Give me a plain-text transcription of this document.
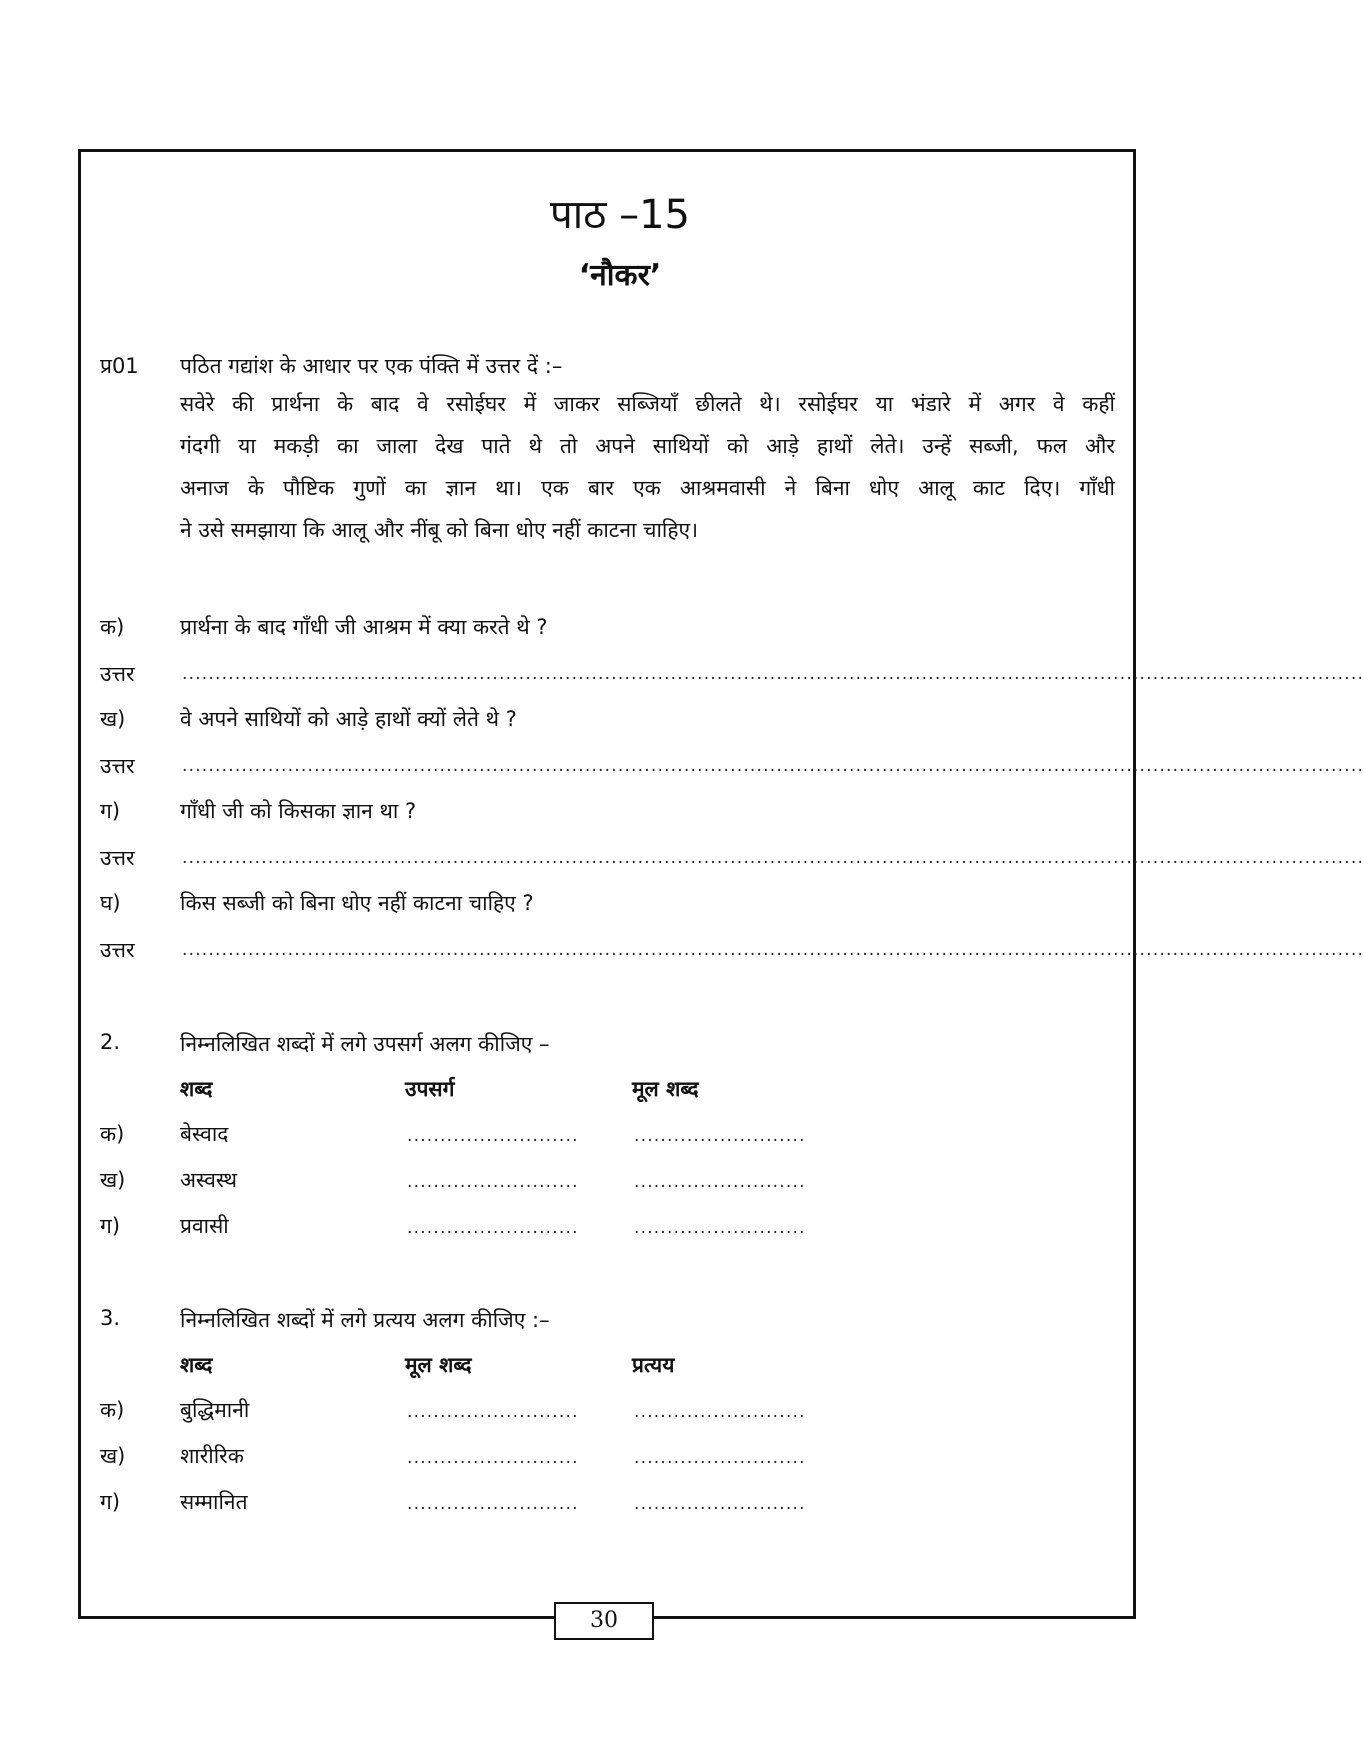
पाठ –15
‘नौकर’
प्र01 पठित गद्यांश के आधार पर एक पंक्ति में उत्तर दें :–
सवेरे की प्रार्थना के बाद वे रसोईघर में जाकर सब्जियाँ छीलते थे। रसोईघर या भंडारे में अगर वे कहीं
गंदगी या मकड़ी का जाला देख पाते थे तो अपने साथियों को आड़े हाथों लेते। उन्हें सब्जी, फल और
अनाज के पौष्टिक गुणों का ज्ञान था। एक बार एक आश्रमवासी ने बिना धोए आलू काट दिए। गाँधी
ने उसे समझाया कि आलू और नींबू को बिना धोए नहीं काटना चाहिए।
क)	प्रार्थना के बाद गाँधी जी आश्रम में क्या करते थे ?
उत्तर	...................................................................................................................................................................................
ख)	वे अपने साथियों को आड़े हाथों क्यों लेते थे ?
उत्तर	...................................................................................................................................................................................
ग)	गाँधी जी को किसका ज्ञान था ?
उत्तर	...................................................................................................................................................................................
घ)	किस सब्जी को बिना धोए नहीं काटना चाहिए ?
उत्तर	...................................................................................................................................................................................
2.	निम्नलिखित शब्दों में लगे उपसर्ग अलग कीजिए –
शब्द	उपसर्ग	मूल शब्द
क)	बेस्वाद	..........................	..........................
ख)	अस्वस्थ	..........................	..........................
ग)	प्रवासी	..........................	..........................
3.	निम्नलिखित शब्दों में लगे प्रत्यय अलग कीजिए :–
शब्द	मूल शब्द	प्रत्यय
क)	बुद्धिमानी	..........................	..........................
ख)	शारीरिक	..........................	..........................
ग)	सम्मानित	..........................	..........................
30
